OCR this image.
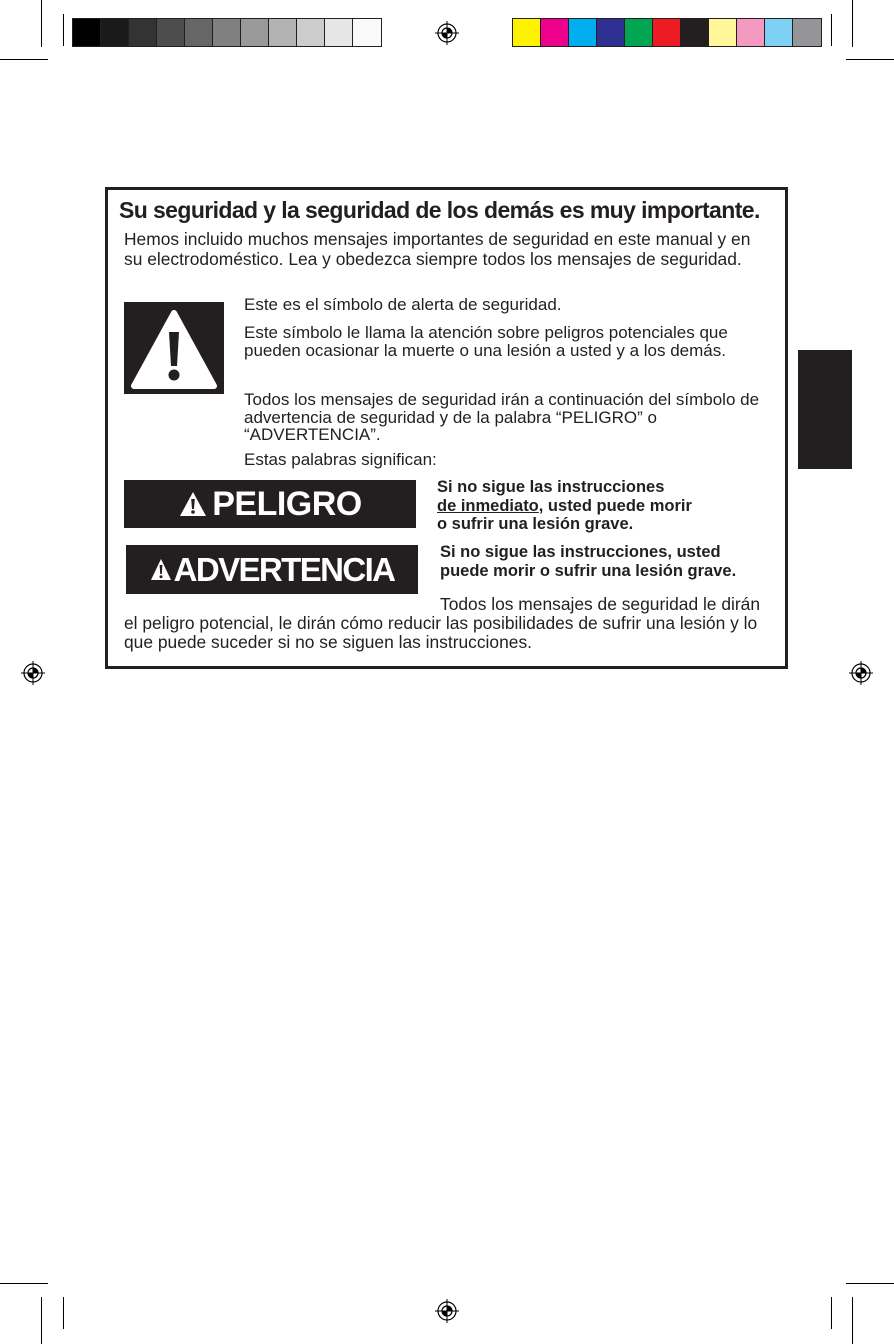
Su seguridad y la seguridad de los demás es muy importante.

Hemos incluido muchos mensajes importantes de seguridad en este manual y en su electrodoméstico. Lea y obedezca siempre todos los mensajes de seguridad.

Este es el símbolo de alerta de seguridad.

Este símbolo le llama la atención sobre peligros potenciales que pueden ocasionar la muerte o una lesión a usted y a los demás.

Todos los mensajes de seguridad irán a continuación del símbolo de advertencia de seguridad y de la palabra “PELIGRO” o “ADVERTENCIA”.

Estas palabras significan:

PELIGRO	Si no sigue las instrucciones
de inmediato, usted puede morir
o sufrir una lesión grave.

ADVERTENCIA	Si no sigue las instrucciones, usted puede morir o sufrir una lesión grave.

Todos los mensajes de seguridad le dirán el peligro potencial, le dirán cómo reducir las posibilidades de sufrir una lesión y lo que puede suceder si no se siguen las instrucciones.
